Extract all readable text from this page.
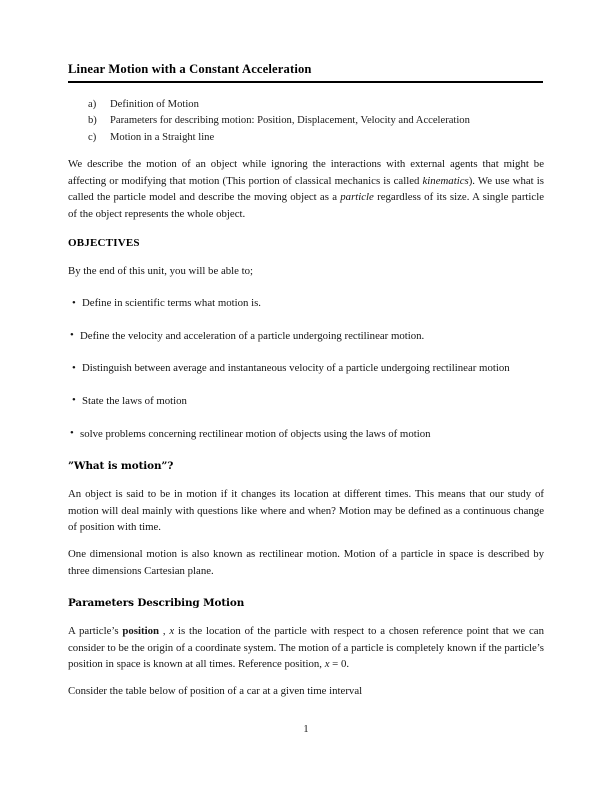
Linear Motion with a Constant Acceleration
a)	Definition of Motion
b)	Parameters for describing motion: Position, Displacement, Velocity and Acceleration
c)	Motion in a Straight line

We describe the motion of an object while ignoring the interactions with external agents that might be affecting or modifying that motion (This portion of classical mechanics is called kinematics). We use what is called the particle model and describe the moving object as a particle regardless of its size. A single particle of the object represents the whole object.

OBJECTIVES

By the end of this unit, you will be able to;

• Define in scientific terms what motion is.
• Define the velocity and acceleration of a particle undergoing rectilinear motion.
• Distinguish between average and instantaneous velocity of a particle undergoing rectilinear motion
• State the laws of motion
• solve problems concerning rectilinear motion of objects using the laws of motion
”What is motion”?

An object is said to be in motion if it changes its location at different times. This means that our study of motion will deal mainly with questions like where and when? Motion may be defined as a continuous change of position with time.

One dimensional motion is also known as rectilinear motion. Motion of a particle in space is described by three dimensions Cartesian plane.

Parameters Describing Motion

A particle’s position , x is the location of the particle with respect to a chosen reference point that we can consider to be the origin of a coordinate system. The motion of a particle is completely known if the particle’s position in space is known at all times. Reference position, x = 0.

Consider the table below of position of a car at a given time interval

1
